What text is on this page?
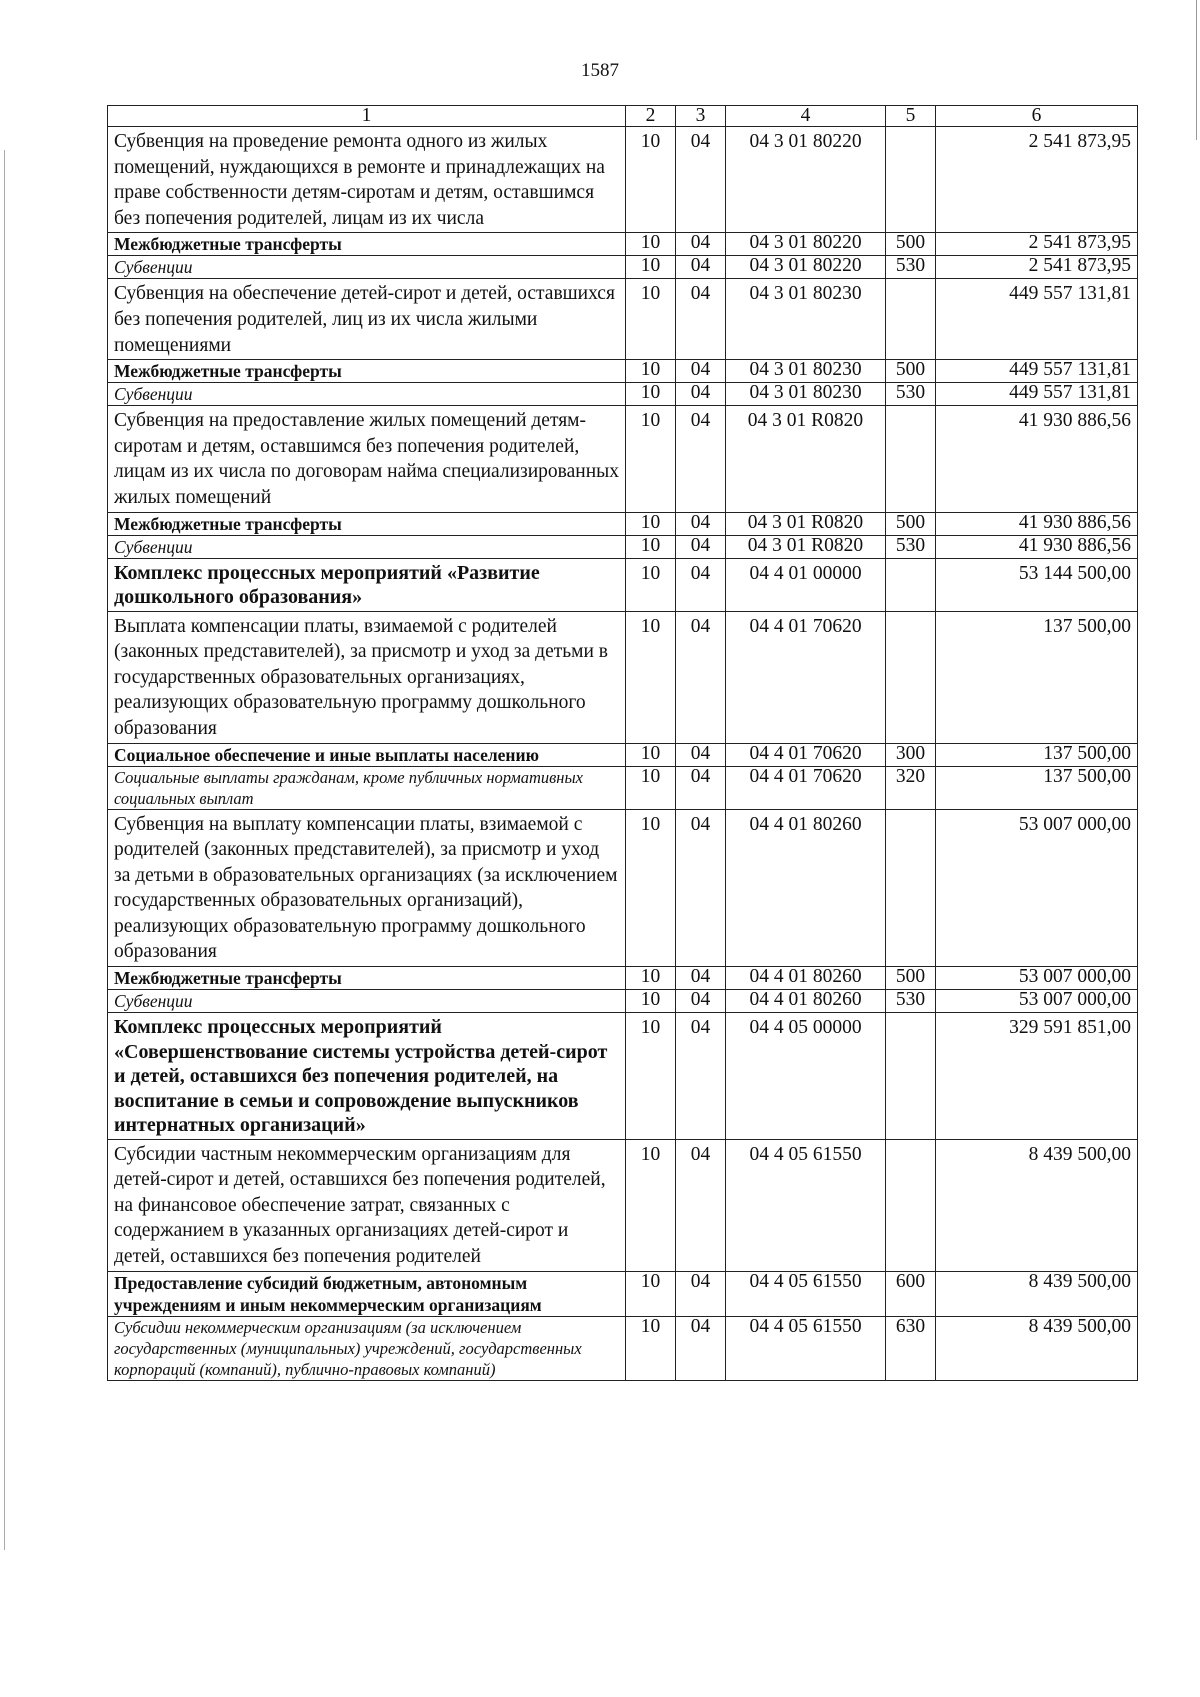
1587
1	2	3	4	5	6
Субвенция на проведение ремонта одного из жилых помещений, нуждающихся в ремонте и принадлежащих на праве собственности детям-сиротам и детям, оставшимся без попечения родителей, лицам из их числа	10	04	04 3 01 80220		2 541 873,95
Межбюджетные трансферты	10	04	04 3 01 80220	500	2 541 873,95
Субвенции	10	04	04 3 01 80220	530	2 541 873,95
Субвенция на обеспечение детей-сирот и детей, оставшихся без попечения родителей, лиц из их числа жилыми помещениями	10	04	04 3 01 80230		449 557 131,81
Межбюджетные трансферты	10	04	04 3 01 80230	500	449 557 131,81
Субвенции	10	04	04 3 01 80230	530	449 557 131,81
Субвенция на предоставление жилых помещений детям-сиротам и детям, оставшимся без попечения родителей, лицам из их числа по договорам найма специализированных жилых помещений	10	04	04 3 01 R0820		41 930 886,56
Межбюджетные трансферты	10	04	04 3 01 R0820	500	41 930 886,56
Субвенции	10	04	04 3 01 R0820	530	41 930 886,56
Комплекс процессных мероприятий «Развитие дошкольного образования»	10	04	04 4 01 00000		53 144 500,00
Выплата компенсации платы, взимаемой с родителей (законных представителей), за присмотр и уход за детьми в государственных образовательных организациях, реализующих образовательную программу дошкольного образования	10	04	04 4 01 70620		137 500,00
Социальное обеспечение и иные выплаты населению	10	04	04 4 01 70620	300	137 500,00
Социальные выплаты гражданам, кроме публичных нормативных социальных выплат	10	04	04 4 01 70620	320	137 500,00
Субвенция на выплату компенсации платы, взимаемой с родителей (законных представителей), за присмотр и уход за детьми в образовательных организациях (за исключением государственных образовательных организаций), реализующих образовательную программу дошкольного образования	10	04	04 4 01 80260		53 007 000,00
Межбюджетные трансферты	10	04	04 4 01 80260	500	53 007 000,00
Субвенции	10	04	04 4 01 80260	530	53 007 000,00
Комплекс процессных мероприятий «Совершенствование системы устройства детей-сирот и детей, оставшихся без попечения родителей, на воспитание в семьи и сопровождение выпускников интернатных организаций»	10	04	04 4 05 00000		329 591 851,00
Субсидии частным некоммерческим организациям для детей-сирот и детей, оставшихся без попечения родителей, на финансовое обеспечение затрат, связанных с содержанием в указанных организациях детей-сирот и детей, оставшихся без попечения родителей	10	04	04 4 05 61550		8 439 500,00
Предоставление субсидий бюджетным, автономным учреждениям и иным некоммерческим организациям	10	04	04 4 05 61550	600	8 439 500,00
Субсидии некоммерческим организациям (за исключением государственных (муниципальных) учреждений, государственных корпораций (компаний), публично-правовых компаний)	10	04	04 4 05 61550	630	8 439 500,00
